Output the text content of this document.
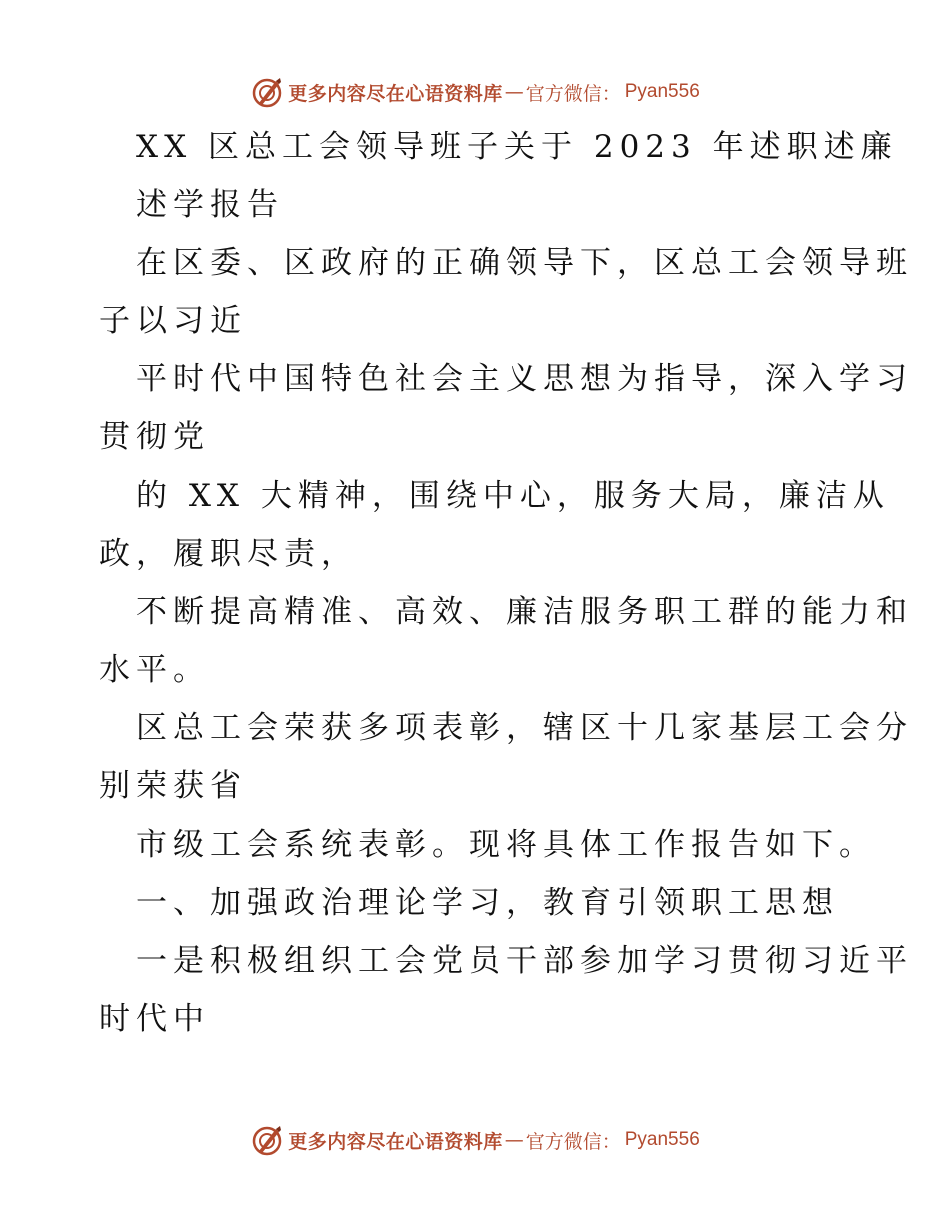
更多内容尽在心语资料库 — 官方微信： Pyan556
XX 区总工会领导班子关于 2023 年述职述廉
述学报告
在区委、区政府的正确领导下，区总工会领导班
子以习近
平时代中国特色社会主义思想为指导，深入学习
贯彻党
的 XX 大精神，围绕中心，服务大局，廉洁从
政，履职尽责，
不断提高精准、高效、廉洁服务职工群的能力和
水平。
区总工会荣获多项表彰，辖区十几家基层工会分
别荣获省
市级工会系统表彰。现将具体工作报告如下。
一、加强政治理论学习，教育引领职工思想
一是积极组织工会党员干部参加学习贯彻习近平
时代中
更多内容尽在心语资料库 — 官方微信： Pyan556
